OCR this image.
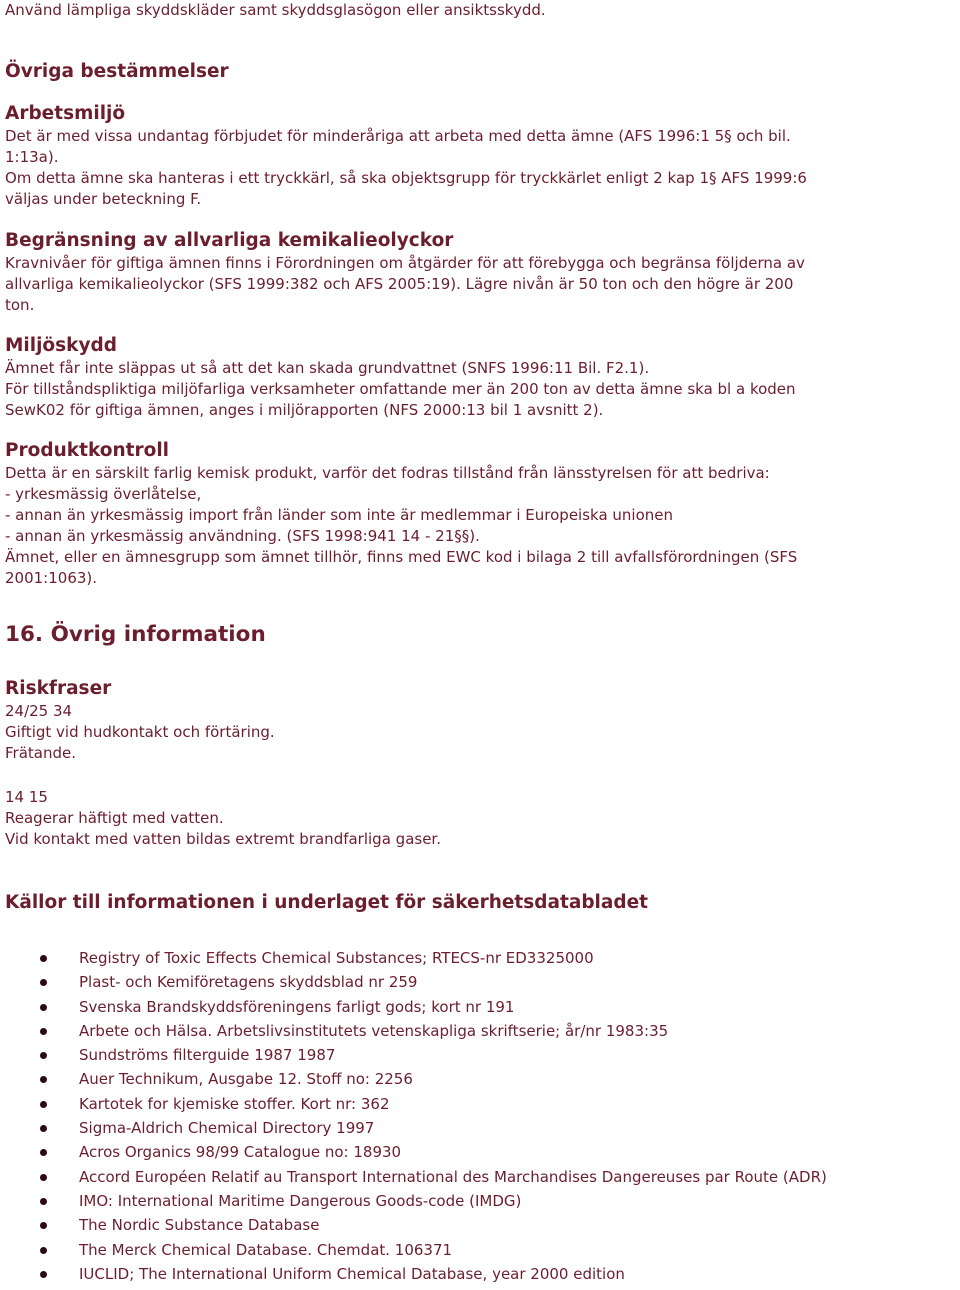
Använd lämpliga skyddskläder samt skyddsglasögon eller ansiktsskydd.

Övriga bestämmelser

Arbetsmiljö

Det är med vissa undantag förbjudet för minderåriga att arbeta med detta ämne (AFS 1996:1 5§ och bil.

1:13a).

Om detta ämne ska hanteras i ett tryckkärl, så ska objektsgrupp för tryckkärlet enligt 2 kap 1§ AFS 1999:6

väljas under beteckning F.

Begränsning av allvarliga kemikalieolyckor

Kravnivåer för giftiga ämnen finns i Förordningen om åtgärder för att förebygga och begränsa följderna av

allvarliga kemikalieolyckor (SFS 1999:382 och AFS 2005:19). Lägre nivån är 50 ton och den högre är 200

ton.

Miljöskydd

Ämnet får inte släppas ut så att det kan skada grundvattnet (SNFS 1996:11 Bil. F2.1).

För tillståndspliktiga miljöfarliga verksamheter omfattande mer än 200 ton av detta ämne ska bl a koden

SewK02 för giftiga ämnen, anges i miljörapporten (NFS 2000:13 bil 1 avsnitt 2).

Produktkontroll

Detta är en särskilt farlig kemisk produkt, varför det fodras tillstånd från länsstyrelsen för att bedriva:

- yrkesmässig överlåtelse,

- annan än yrkesmässig import från länder som inte är medlemmar i Europeiska unionen

- annan än yrkesmässig användning. (SFS 1998:941 14 - 21§§).

Ämnet, eller en ämnesgrupp som ämnet tillhör, finns med EWC kod i bilaga 2 till avfallsförordningen (SFS

2001:1063).

16. Övrig information

Riskfraser

24/25 34

Giftigt vid hudkontakt och förtäring.

Frätande.

14 15

Reagerar häftigt med vatten.

Vid kontakt med vatten bildas extremt brandfarliga gaser.

Källor till informationen i underlaget för säkerhetsdatabladet

Registry of Toxic Effects Chemical Substances; RTECS-nr ED3325000
Plast- och Kemiföretagens skyddsblad nr 259
Svenska Brandskyddsföreningens farligt gods; kort nr 191
Arbete och Hälsa. Arbetslivsinstitutets vetenskapliga skriftserie; år/nr 1983:35
Sundströms filterguide 1987 1987
Auer Technikum, Ausgabe 12. Stoff no: 2256
Kartotek for kjemiske stoffer. Kort nr: 362
Sigma-Aldrich Chemical Directory 1997
Acros Organics 98/99 Catalogue no: 18930
Accord Européen Relatif au Transport International des Marchandises Dangereuses par Route (ADR)
IMO: International Maritime Dangerous Goods-code (IMDG)
The Nordic Substance Database
The Merck Chemical Database. Chemdat. 106371
IUCLID; The International Uniform Chemical Database, year 2000 edition
